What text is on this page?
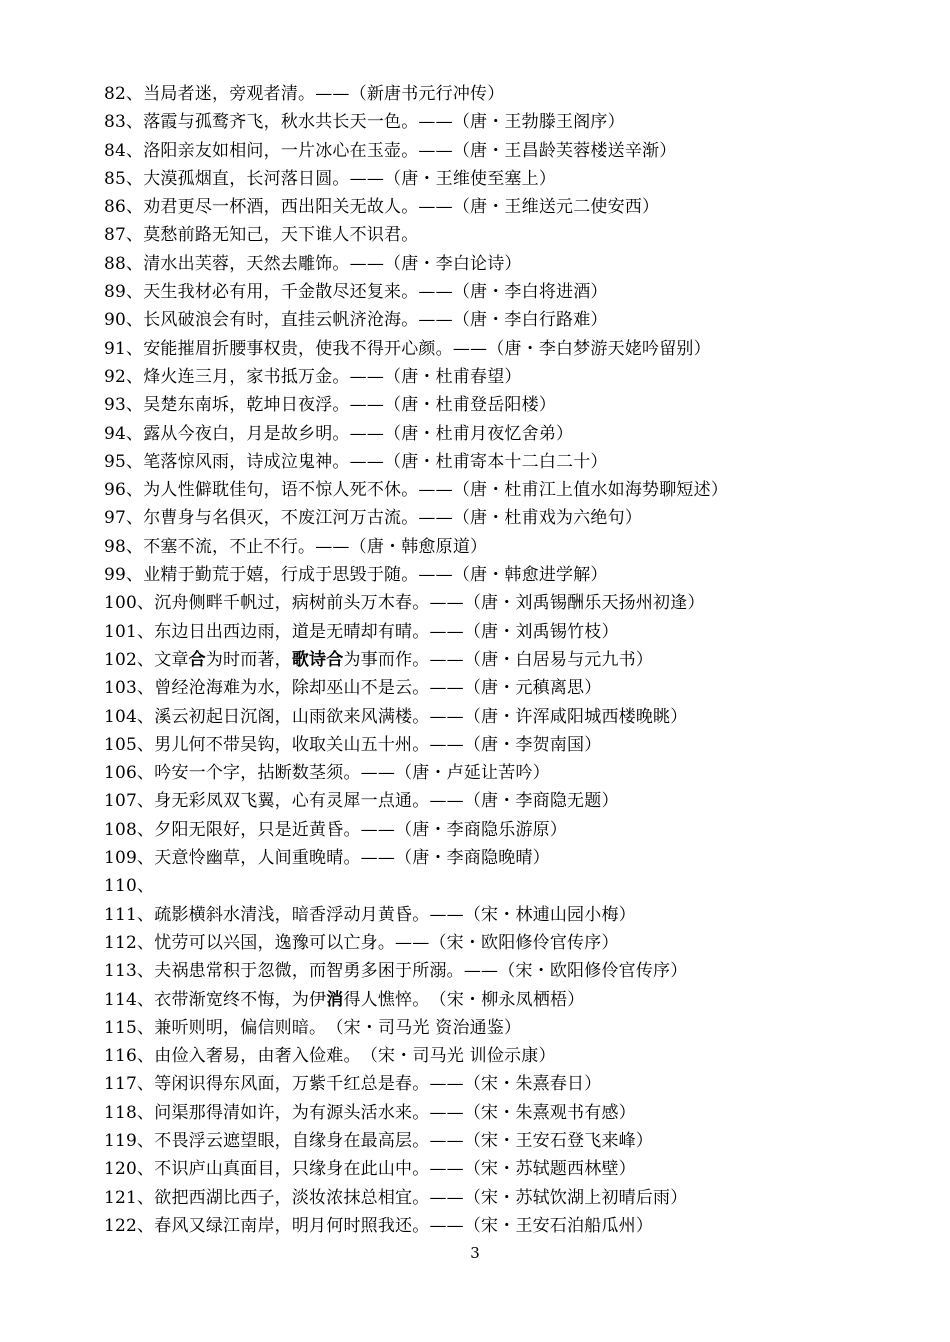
82、当局者迷，旁观者清。——（新唐书元行冲传）
83、落霞与孤鹜齐飞，秋水共长天一色。——（唐・王勃滕王阁序）
84、洛阳亲友如相问，一片冰心在玉壶。——（唐・王昌龄芙蓉楼送辛渐）
85、大漠孤烟直，长河落日圆。——（唐・王维使至塞上）
86、劝君更尽一杯酒，西出阳关无故人。——（唐・王维送元二使安西）
87、莫愁前路无知己，天下谁人不识君。
88、清水出芙蓉，天然去雕饰。——（唐・李白论诗）
89、天生我材必有用，千金散尽还复来。——（唐・李白将进酒）
90、长风破浪会有时，直挂云帆济沧海。——（唐・李白行路难）
91、安能摧眉折腰事权贵，使我不得开心颜。——（唐・李白梦游天姥吟留别）
92、烽火连三月，家书抵万金。——（唐・杜甫春望）
93、吴楚东南坼，乾坤日夜浮。——（唐・杜甫登岳阳楼）
94、露从今夜白，月是故乡明。——（唐・杜甫月夜忆舍弟）
95、笔落惊风雨，诗成泣鬼神。——（唐・杜甫寄本十二白二十）
96、为人性僻耽佳句，语不惊人死不休。——（唐・杜甫江上值水如海势聊短述）
97、尔曹身与名俱灭，不废江河万古流。——（唐・杜甫戏为六绝句）
98、不塞不流，不止不行。——（唐・韩愈原道）
99、业精于勤荒于嬉，行成于思毁于随。——（唐・韩愈进学解）
100、沉舟侧畔千帆过，病树前头万木春。——（唐・刘禹锡酬乐天扬州初逢）
101、东边日出西边雨，道是无晴却有晴。——（唐・刘禹锡竹枝）
102、文章合为时而著，歌诗合为事而作。——（唐・白居易与元九书）
103、曾经沧海难为水，除却巫山不是云。——（唐・元稹离思）
104、溪云初起日沉阁，山雨欲来风满楼。——（唐・许浑咸阳城西楼晚眺）
105、男儿何不带吴钩，收取关山五十州。——（唐・李贺南国）
106、吟安一个字，拈断数茎须。——（唐・卢延让苦吟）
107、身无彩凤双飞翼，心有灵犀一点通。——（唐・李商隐无题）
108、夕阳无限好，只是近黄昏。——（唐・李商隐乐游原）
109、天意怜幽草，人间重晚晴。——（唐・李商隐晚晴）
110、
111、疏影横斜水清浅，暗香浮动月黄昏。——（宋・林逋山园小梅）
112、忧劳可以兴国，逸豫可以亡身。——（宋・欧阳修伶官传序）
113、夫祸患常积于忽微，而智勇多困于所溺。——（宋・欧阳修伶官传序）
114、衣带渐宽终不悔，为伊消得人憔悴。　（宋・柳永凤栖梧）
115、兼听则明，偏信则暗。　（宋・司马光 资治通鉴）
116、由俭入奢易，由奢入俭难。　（宋・司马光 训俭示康）
117、等闲识得东风面，万紫千红总是春。——（宋・朱熹春日）
118、问渠那得清如许，为有源头活水来。——（宋・朱熹观书有感）
119、不畏浮云遮望眼，自缘身在最高层。——（宋・王安石登飞来峰）
120、不识庐山真面目，只缘身在此山中。——（宋・苏轼题西林壁）
121、欲把西湖比西子，淡妆浓抹总相宜。——（宋・苏轼饮湖上初晴后雨）
122、春风又绿江南岸，明月何时照我还。——（宋・王安石泊船瓜州）
3
